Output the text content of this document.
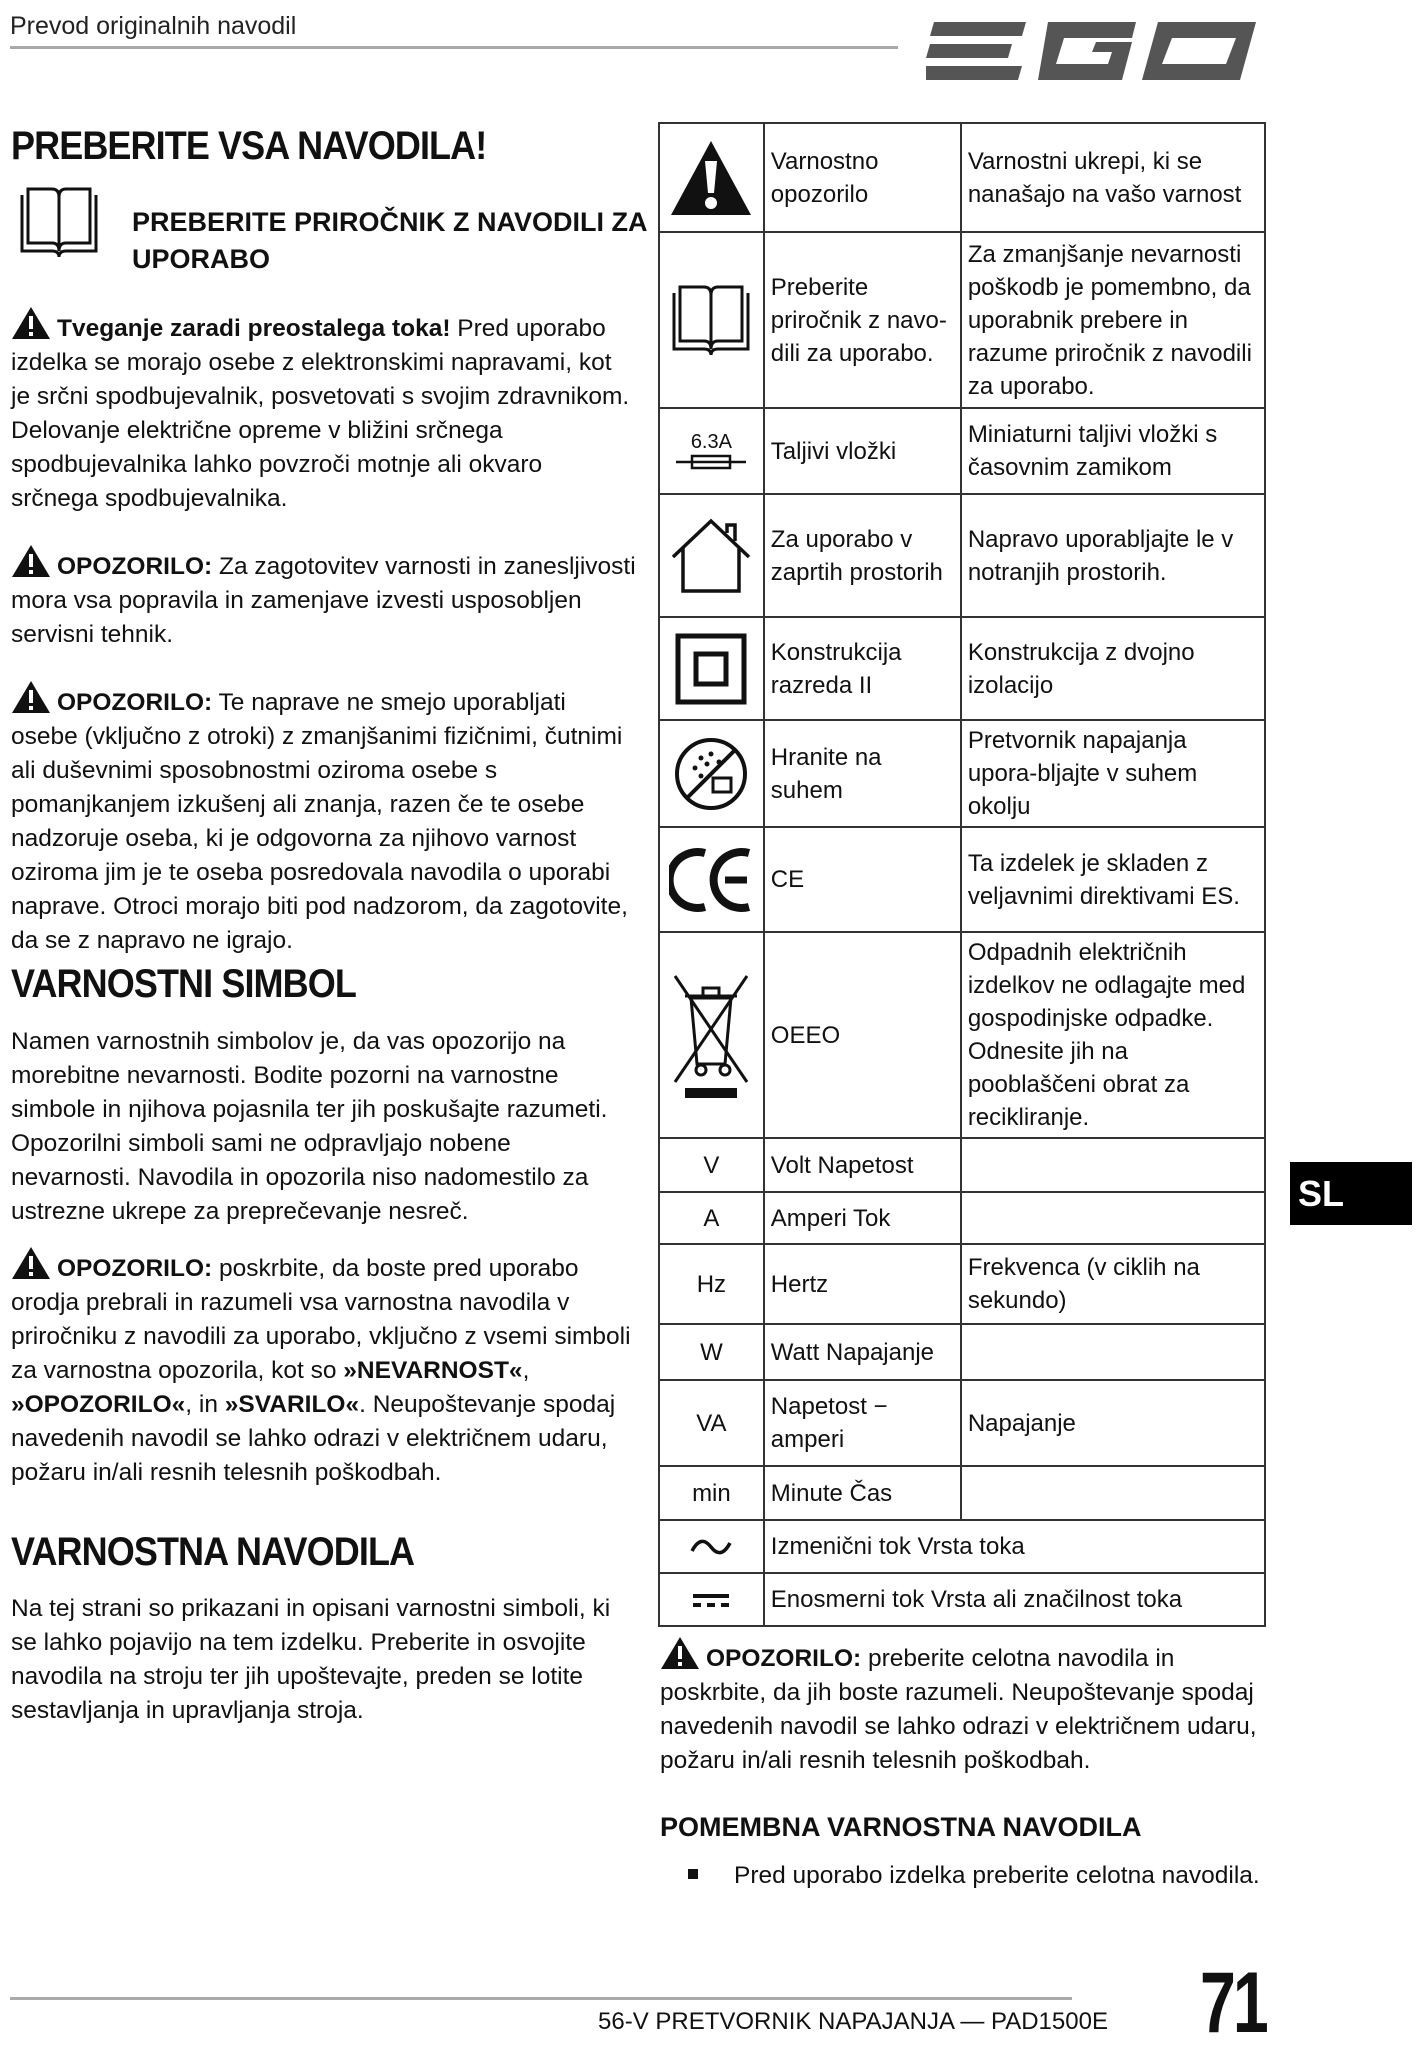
Prevod originalnih navodil
PREBERITE VSA NAVODILA!
PREBERITE PRIROČNIK Z NAVODILI ZA
UPORABO

Tveganje zaradi preostalega toka! Pred uporabo izdelka se morajo osebe z elektronskimi napravami, kot je srčni spodbujevalnik, posvetovati s svojim zdravnikom. Delovanje električne opreme v bližini srčnega spodbujevalnika lahko povzroči motnje ali okvaro srčnega spodbujevalnika.

OPOZORILO: Za zagotovitev varnosti in zanesljivosti mora vsa popravila in zamenjave izvesti usposobljen servisni tehnik.

OPOZORILO: Te naprave ne smejo uporabljati osebe (vključno z otroki) z zmanjšanimi fizičnimi, čutnimi ali duševnimi sposobnostmi oziroma osebe s pomanjkanjem izkušenj ali znanja, razen če te osebe nadzoruje oseba, ki je odgovorna za njihovo varnost oziroma jim je te oseba posredovala navodila o uporabi naprave. Otroci morajo biti pod nadzorom, da zagotovite, da se z napravo ne igrajo.

VARNOSTNI SIMBOL

Namen varnostnih simbolov je, da vas opozorijo na morebitne nevarnosti. Bodite pozorni na varnostne simbole in njihova pojasnila ter jih poskušajte razumeti. Opozorilni simboli sami ne odpravljajo nobene nevarnosti. Navodila in opozorila niso nadomestilo za ustrezne ukrepe za preprečevanje nesreč.

OPOZORILO: poskrbite, da boste pred uporabo orodja prebrali in razumeli vsa varnostna navodila v priročniku z navodili za uporabo, vključno z vsemi simboli za varnostna opozorila, kot so »NEVARNOST«, »OPOZORILO«, in »SVARILO«. Neupoštevanje spodaj navedenih navodil se lahko odrazi v električnem udaru, požaru in/ali resnih telesnih poškodbah.

VARNOSTNA NAVODILA

Na tej strani so prikazani in opisani varnostni simboli, ki se lahko pojavijo na tem izdelku. Preberite in osvojite navodila na stroju ter jih upoštevajte, preden se lotite sestavljanja in upravljanja stroja.

	Varnostno opozorilo	Varnostni ukrepi, ki se nanašajo na vašo varnost

	Preberite priročnik z navo-dili za uporabo.	Za zmanjšanje nevarnosti poškodb je pomembno, da uporabnik prebere in razume priročnik z navodili za uporabo.

6.3A	Taljivi vložki	Miniaturni taljivi vložki s časovnim zamikom

	Za uporabo v zaprtih prostorih	Napravo uporabljajte le v notranjih prostorih.

	Konstrukcija razreda II	Konstrukcija z dvojno izolacijo

	Hranite na suhem	Pretvornik napajanja upora-bljajte v suhem okolju

	CE	Ta izdelek je skladen z veljavnimi direktivami ES.

	OEEO	Odpadnih električnih izdelkov ne odlagajte med gospodinjske odpadke. Odnesite jih na pooblaščeni obrat za recikliranje.
V	Volt Napetost	
A	Amperi Tok	
Hz	Hertz	Frekvenca (v ciklih na sekundo)
W	Watt Napajanje	
VA	Napetost − amperi	Napajanje
min	Minute Čas	

	Izmenični tok Vrsta toka	

	Enosmerni tok Vrsta ali značilnost toka	

OPOZORILO: preberite celotna navodila in poskrbite, da jih boste razumeli. Neupoštevanje spodaj navedenih navodil se lahko odrazi v električnem udaru, požaru in/ali resnih telesnih poškodbah.

POMEMBNA VARNOSTNA NAVODILA
Pred uporabo izdelka preberite celotna navodila.
SL
56-V PRETVORNIK NAPAJANJA — PAD1500E 71
